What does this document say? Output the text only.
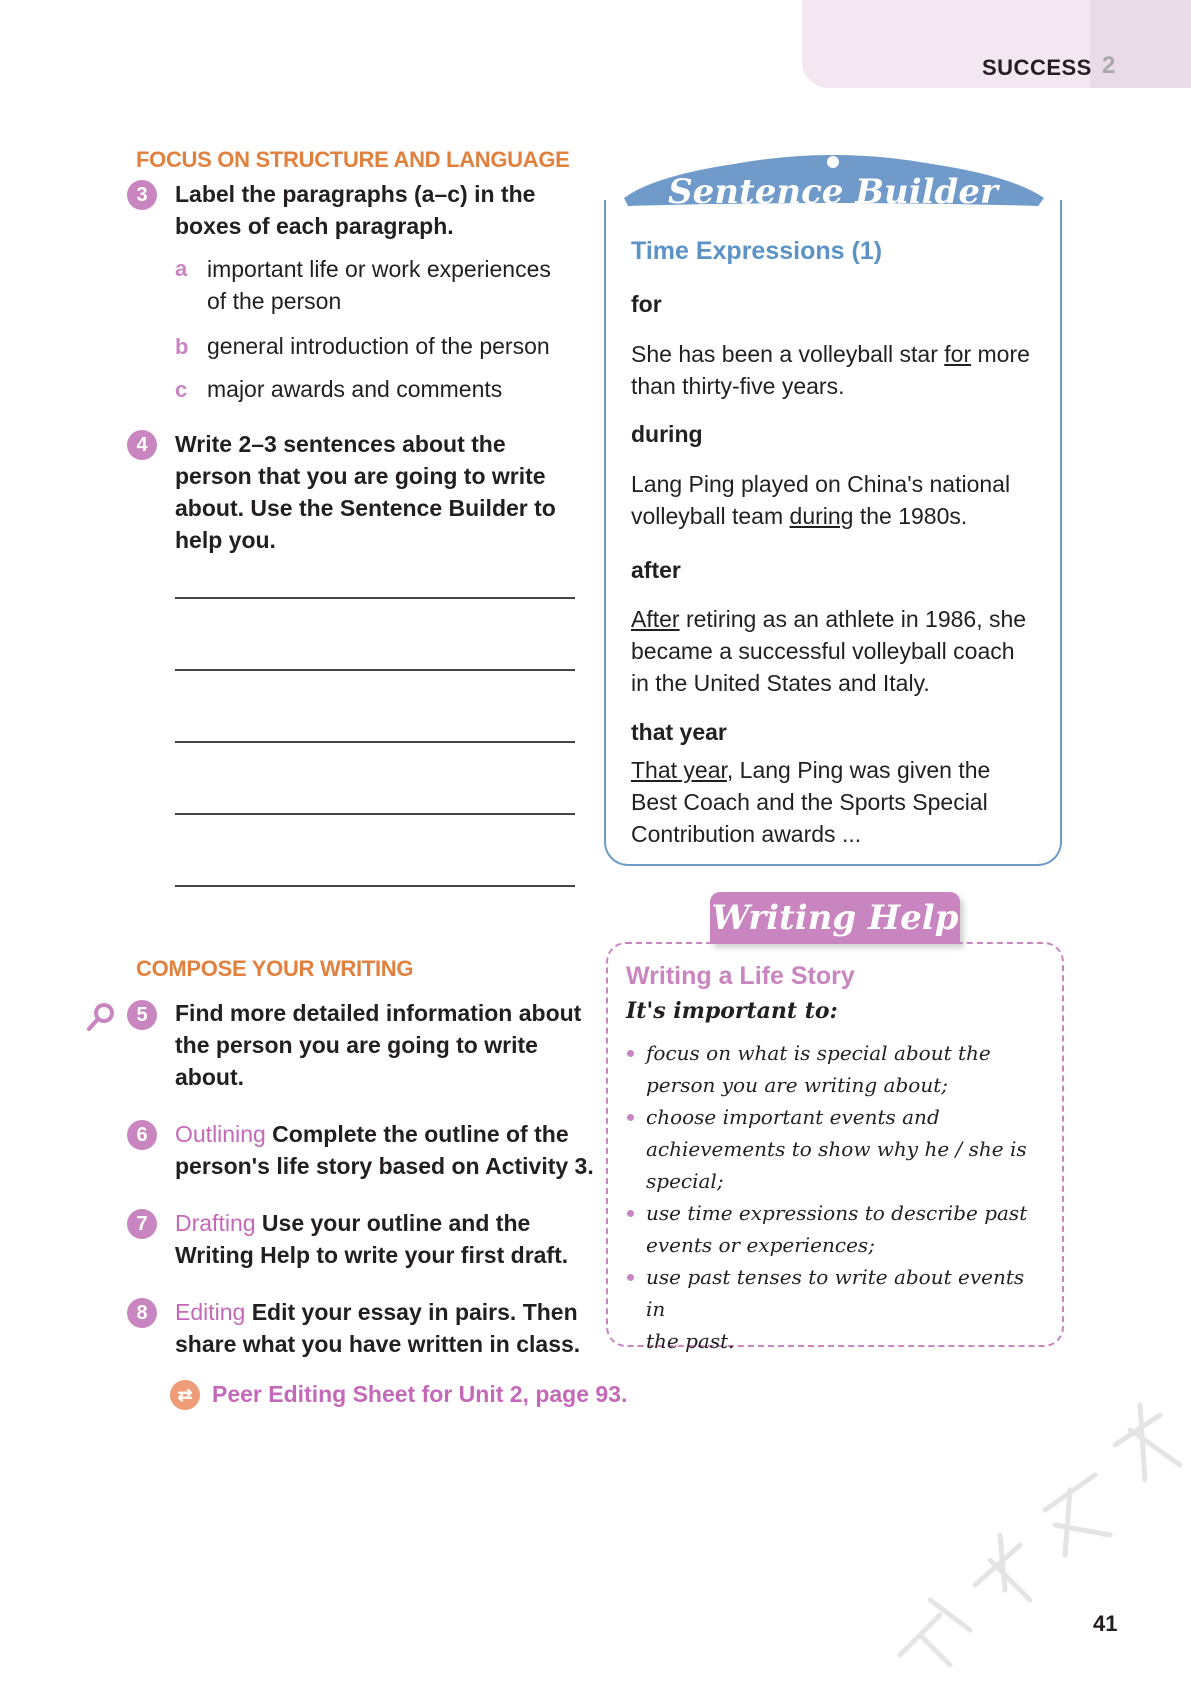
SUCCESS 2
FOCUS ON STRUCTURE AND LANGUAGE
3	Label the paragraphs (a–c) in the
boxes of each paragraph.
a important life or work experiences
of the person
b general introduction of the person
c major awards and comments
4	Write 2–3 sentences about the
person that you are going to write
about. Use the Sentence Builder to
help you.
COMPOSE YOUR WRITING
5	Find more detailed information about
the person you are going to write
about.
6	Outlining Complete the outline of the
person's life story based on Activity 3.
7	Drafting Use your outline and the
Writing Help to write your first draft.
8	Editing Edit your essay in pairs. Then
share what you have written in class.
⇄ Peer Editing Sheet for Unit 2, page 93.
Sentence Builder
Time Expressions (1)
for
She has been a volleyball star for more
than thirty-five years.
during
Lang Ping played on China's national
volleyball team during the 1980s.
after
After retiring as an athlete in 1986, she
became a successful volleyball coach
in the United States and Italy.
that year
That year, Lang Ping was given the
Best Coach and the Sports Special
Contribution awards ...
Writing Help
Writing a Life Story
It's important to:
focus on what is special about the
person you are writing about;
choose important events and
achievements to show why he / she is
special;
use time expressions to describe past
events or experiences;
use past tenses to write about events in
the past.
41
